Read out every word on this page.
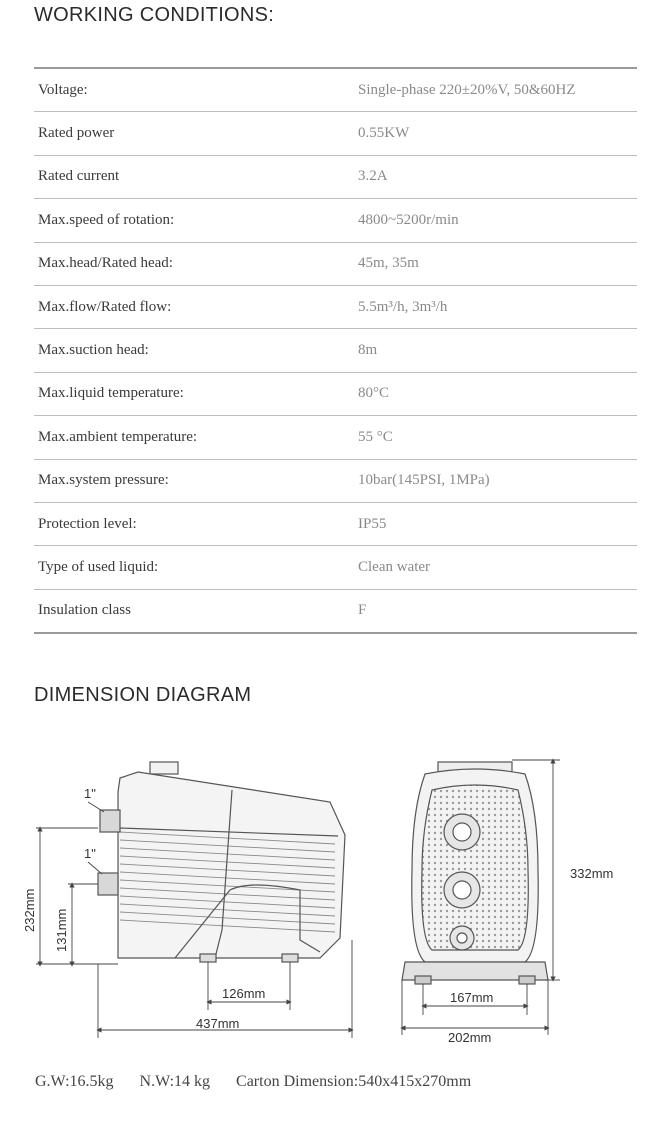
WORKING CONDITIONS:
Voltage:	Single-phase 220±20%V, 50&60HZ
Rated power	0.55KW
Rated current	3.2A
Max.speed of rotation:	4800~5200r/min
Max.head/Rated head:	45m, 35m
Max.flow/Rated flow:	5.5m³/h, 3m³/h
Max.suction head:	8m
Max.liquid temperature:	80°C
Max.ambient temperature:	55 °C
Max.system pressure:	10bar(145PSI, 1MPa)
Protection level:	IP55
Type of used liquid:	Clean water
Insulation class	F
DIMENSION DIAGRAM
1"
1"
232mm 131mm
126mm
437mm
332mm
167mm
202mm
G.W:16.5kg N.W:14 kg Carton Dimension:540x415x270mm
